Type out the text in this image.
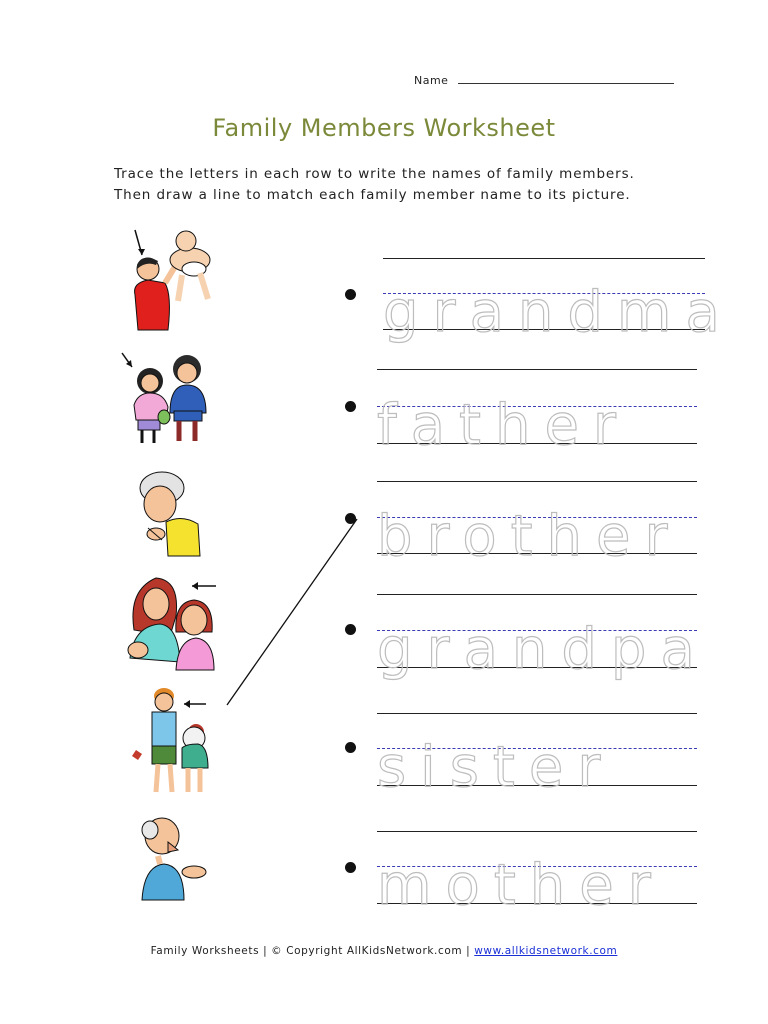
Name
Family Members Worksheet
Trace the letters in each row to write the names of family members.
Then draw a line to match each family member name to its picture.
grandma
father
brother
grandpa
sister
mother
Family Worksheets | © Copyright AllKidsNetwork.com | www.allkidsnetwork.com
